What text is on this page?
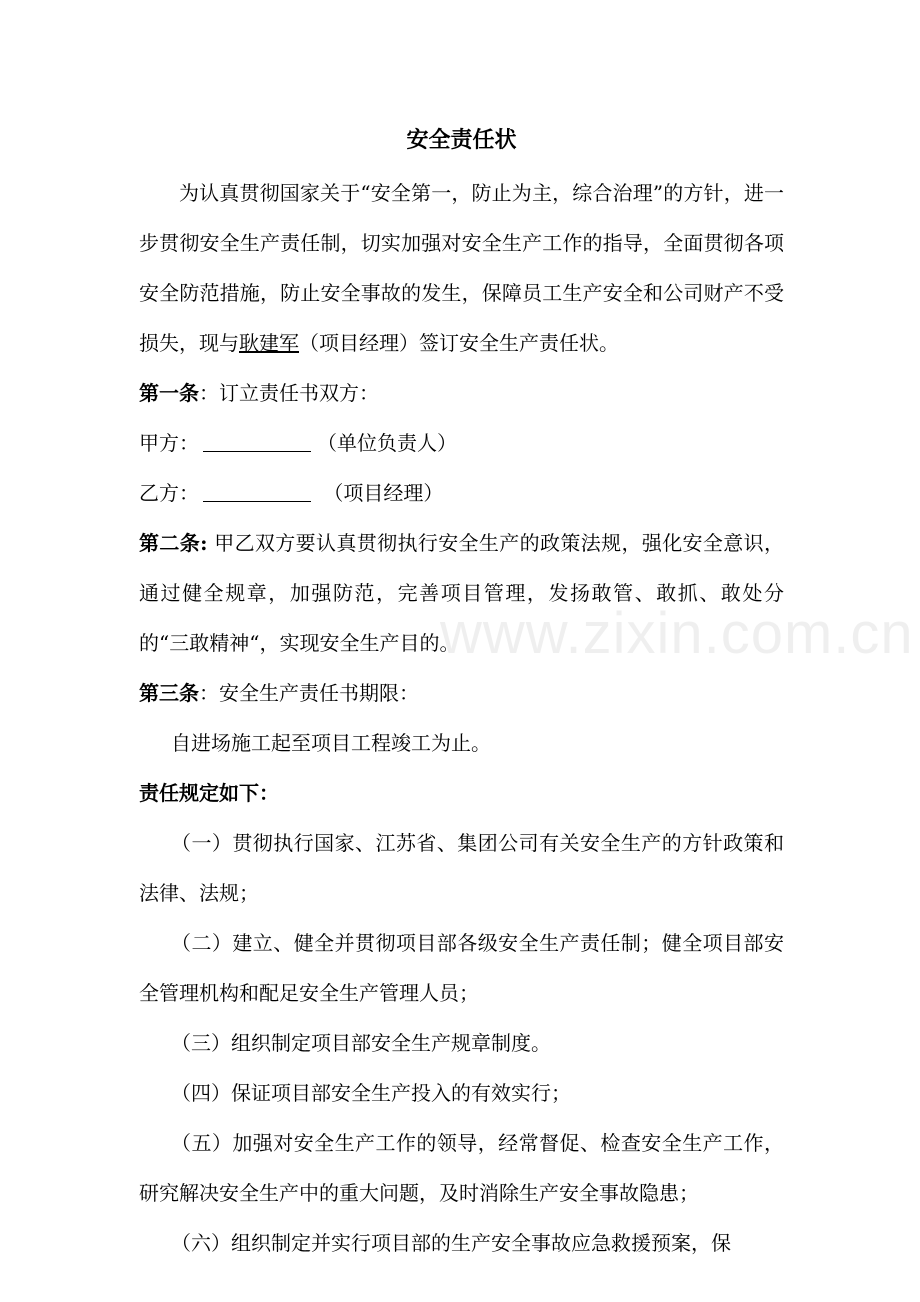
安全责任状

为认真贯彻国家关于“安全第一，防止为主，综合治理”的方针，进一步贯彻安全生产责任制，切实加强对安全生产工作的指导，全面贯彻各项安全防范措施，防止安全事故的发生，保障员工生产安全和公司财产不受损失，现与耿建军（项目经理）签订安全生产责任状。

第一条：订立责任书双方：

甲方：	（单位负责人）

乙方：	（项目经理）

第二条: 甲乙双方要认真贯彻执行安全生产的政策法规，强化安全意识，通过健全规章，加强防范，完善项目管理，发扬敢管、敢抓、敢处分的“三敢精神“，实现安全生产目的。

第三条：安全生产责任书期限：

自进场施工起至项目工程竣工为止。

责任规定如下：

（一）贯彻执行国家、江苏省、集团公司有关安全生产的方针政策和法律、法规；

（二）建立、健全并贯彻项目部各级安全生产责任制；健全项目部安全管理机构和配足安全生产管理人员；

（三）组织制定项目部安全生产规章制度。

（四）保证项目部安全生产投入的有效实行；

（五）加强对安全生产工作的领导，经常督促、检查安全生产工作，研究解决安全生产中的重大问题，及时消除生产安全事故隐患；

（六）组织制定并实行项目部的生产安全事故应急救援预案，保

www.zixin.com.cn
